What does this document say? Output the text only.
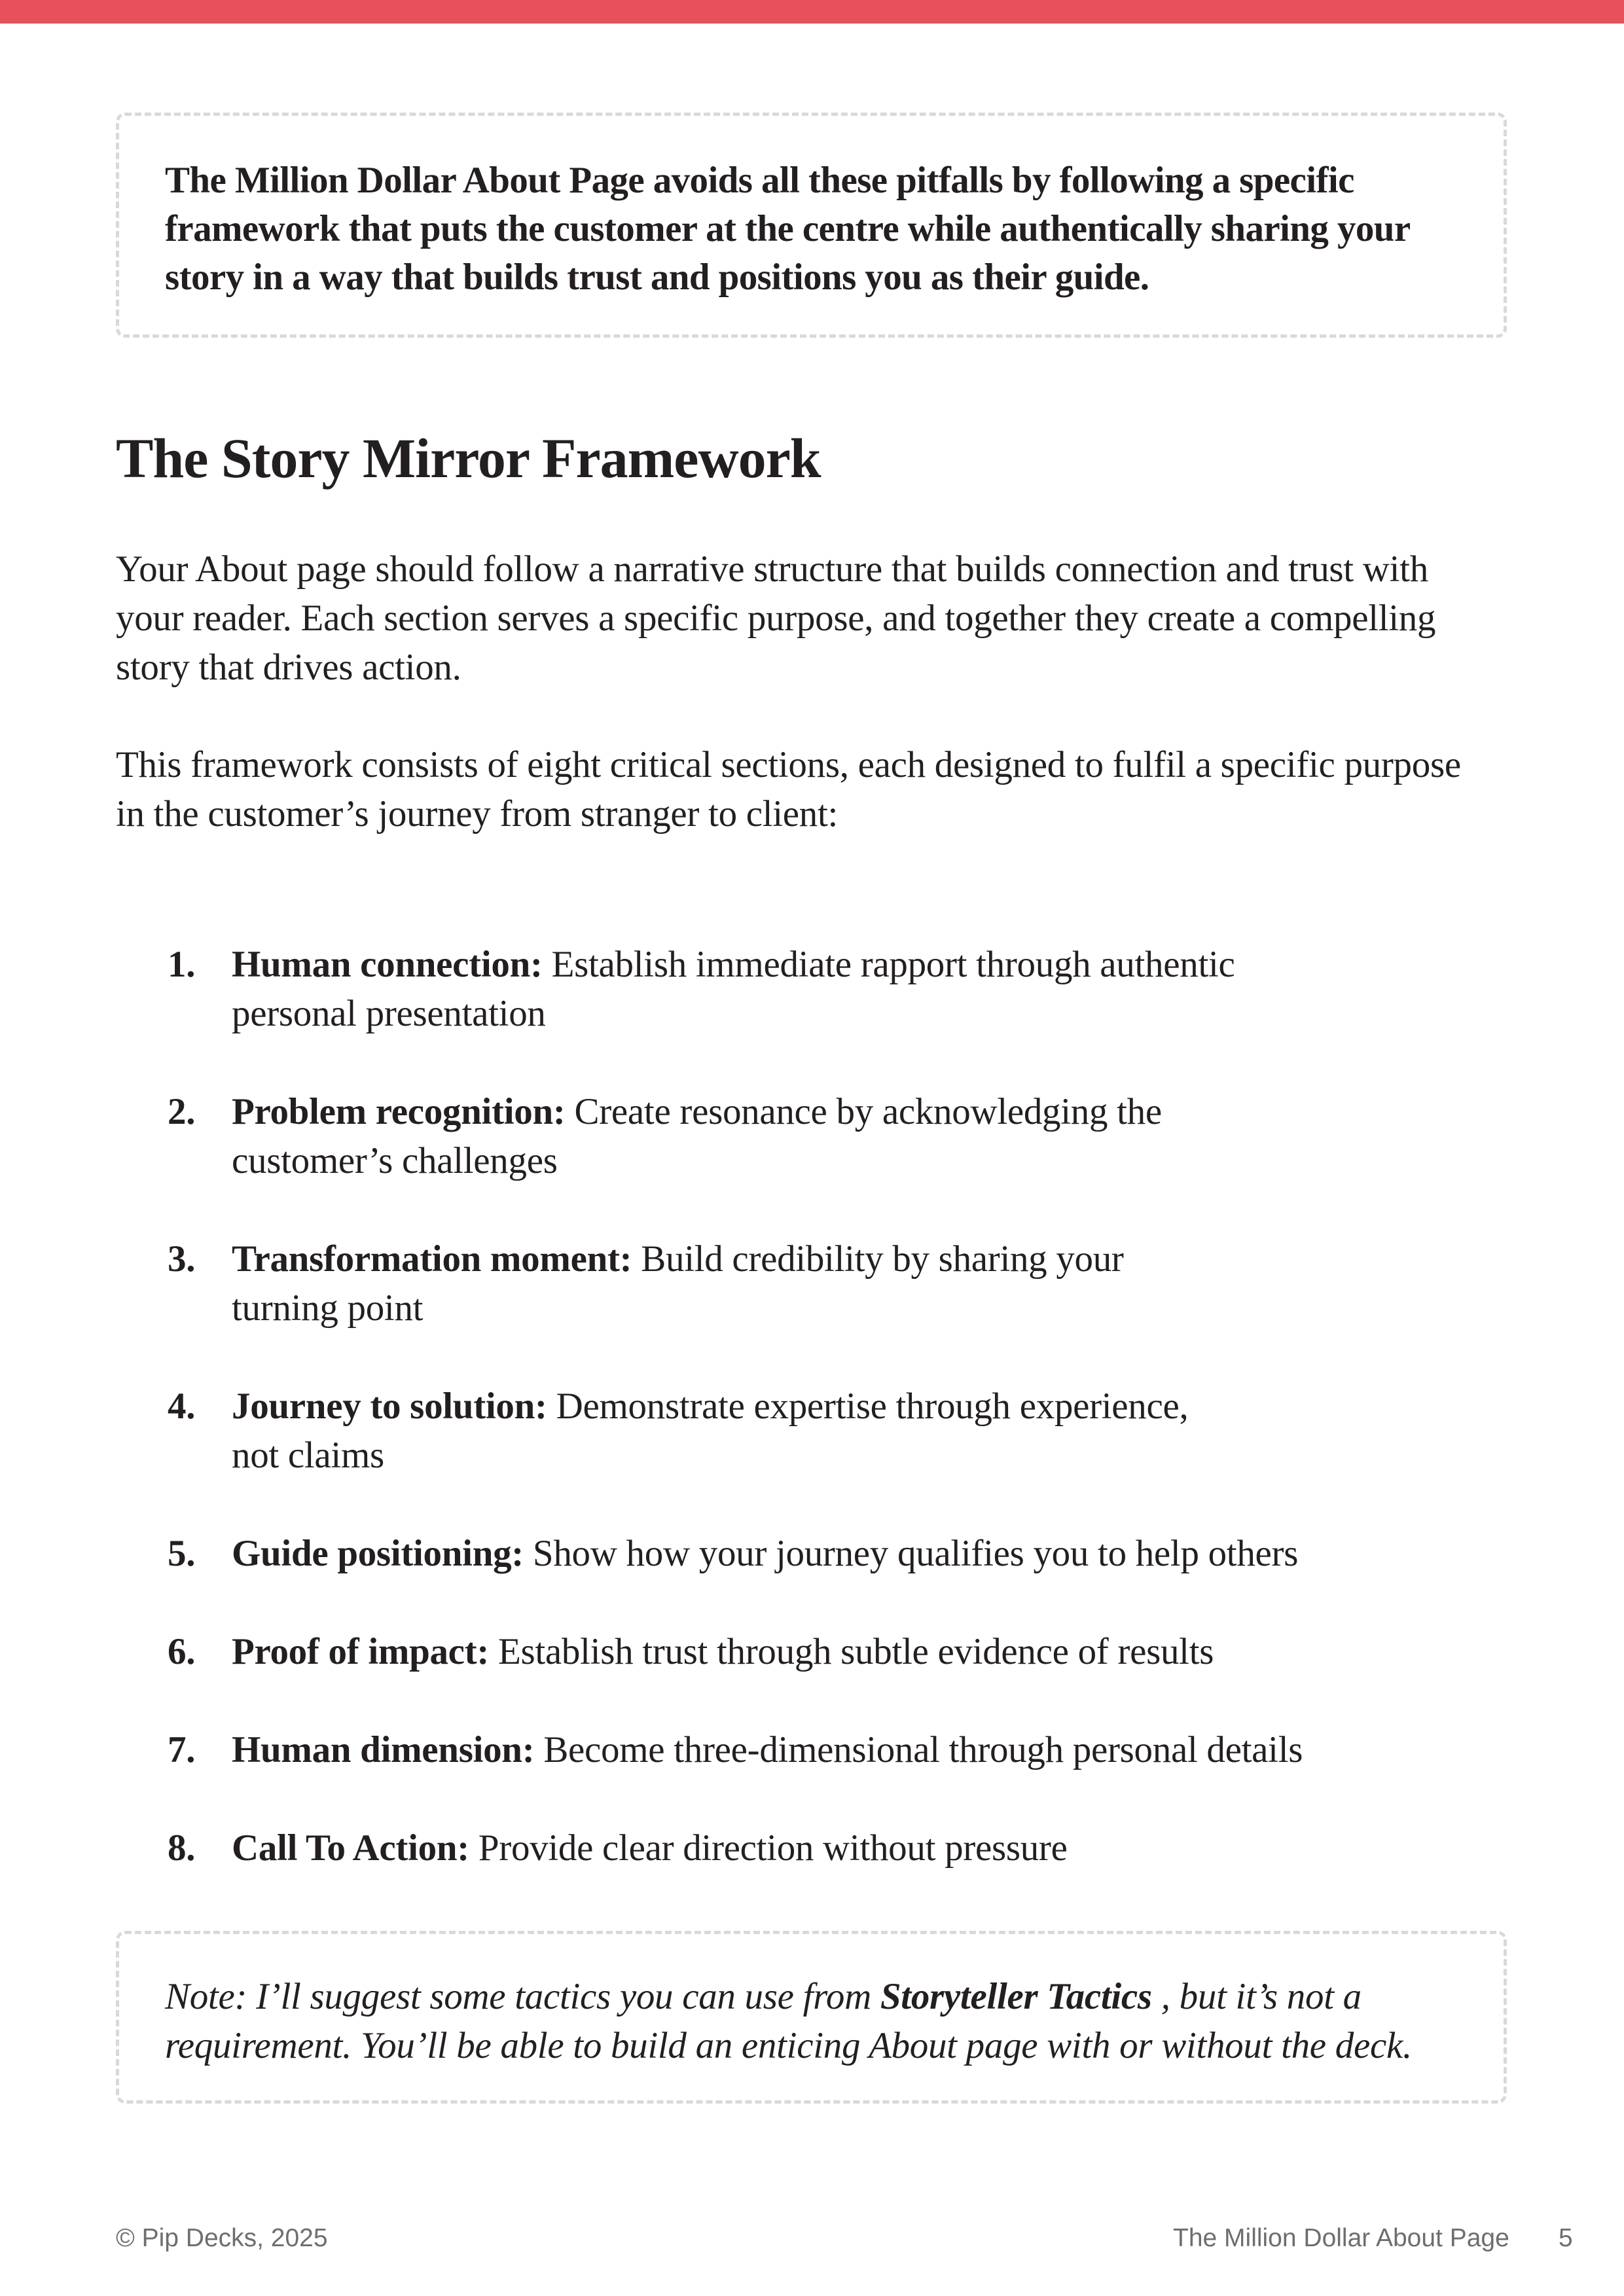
The Million Dollar About Page avoids all these pitfalls by following a specific
framework that puts the customer at the centre while authentically sharing your
story in a way that builds trust and positions you as their guide.

The Story Mirror Framework

Your About page should follow a narrative structure that builds connection and trust with
your reader. Each section serves a specific purpose, and together they create a compelling
story that drives action.

This framework consists of eight critical sections, each designed to fulfil a specific purpose
in the customer’s journey from stranger to client:

1. Human connection: Establish immediate rapport through authentic
personal presentation
2. Problem recognition: Create resonance by acknowledging the
customer’s challenges
3. Transformation moment: Build credibility by sharing your
turning point
4. Journey to solution: Demonstrate expertise through experience,
not claims
5. Guide positioning: Show how your journey qualifies you to help others
6. Proof of impact: Establish trust through subtle evidence of results
7. Human dimension: Become three-dimensional through personal details
8. Call To Action: Provide clear direction without pressure

Note: I’ll suggest some tactics you can use from Storyteller Tactics , but it’s not a
requirement. You’ll be able to build an enticing About page with or without the deck.

© Pip Decks, 2025	The Million Dollar About Page 5
